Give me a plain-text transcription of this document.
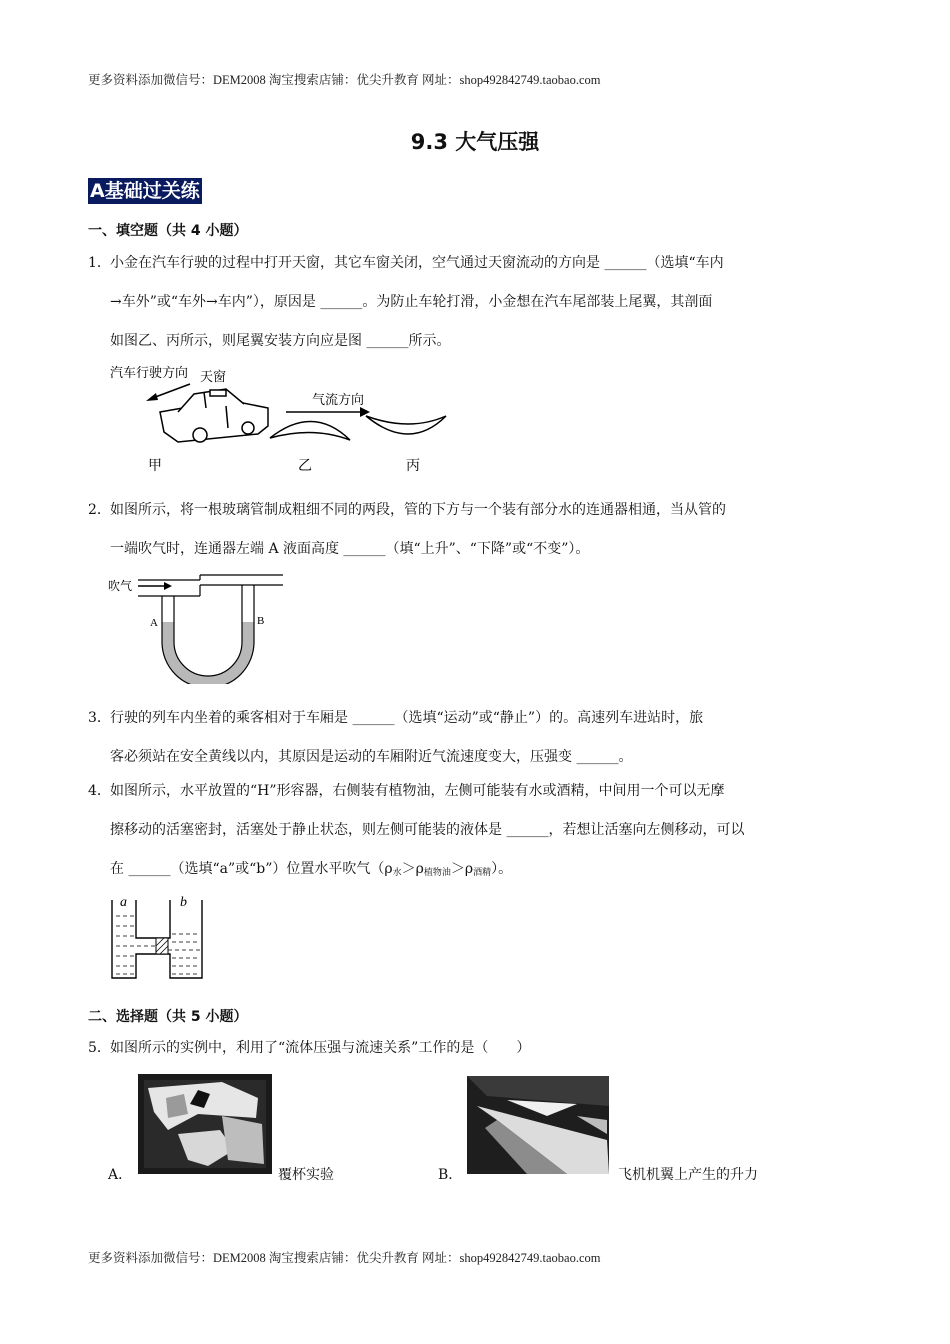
更多资料添加微信号：DEM2008 淘宝搜索店铺：优尖升教育 网址：shop492842749.taobao.com
9.3 大气压强
A基础过关练
一、填空题（共 4 小题）
1．小金在汽车行驶的过程中打开天窗，其它车窗关闭，空气通过天窗流动的方向是 ______（选填“车内
→车外”或“车外→车内”），原因是 ______。为防止车轮打滑，小金想在汽车尾部装上尾翼，其剖面
如图乙、丙所示，则尾翼安装方向应是图 ______所示。
汽车行驶方向 天窗
气流方向
甲	乙	丙
2．如图所示，将一根玻璃管制成粗细不同的两段，管的下方与一个装有部分水的连通器相通，当从管的
一端吹气时，连通器左端 A 液面高度 ______（填“上升”、“下降”或“不变”）。
吹气
A	B
3．行驶的列车内坐着的乘客相对于车厢是 ______（选填“运动”或“静止”）的。高速列车进站时，旅
客必须站在安全黄线以内，其原因是运动的车厢附近气流速度变大，压强变 ______。
4．如图所示，水平放置的“H”形容器，右侧装有植物油，左侧可能装有水或酒精，中间用一个可以无摩
擦移动的活塞密封，活塞处于静止状态，则左侧可能装的液体是 ______，若想让活塞向左侧移动，可以
在 ______（选填“a”或“b”）位置水平吹气$(\rho_水>\rho_{植物油}>\rho_{酒精})$。
a	b
二、选择题（共 5 小题）
5．如图所示的实例中，利用了“流体压强与流速关系”工作的是（　　）
A．	覆杯实验	B．	飞机机翼上产生的升力
更多资料添加微信号：DEM2008 淘宝搜索店铺：优尖升教育 网址：shop492842749.taobao.com
